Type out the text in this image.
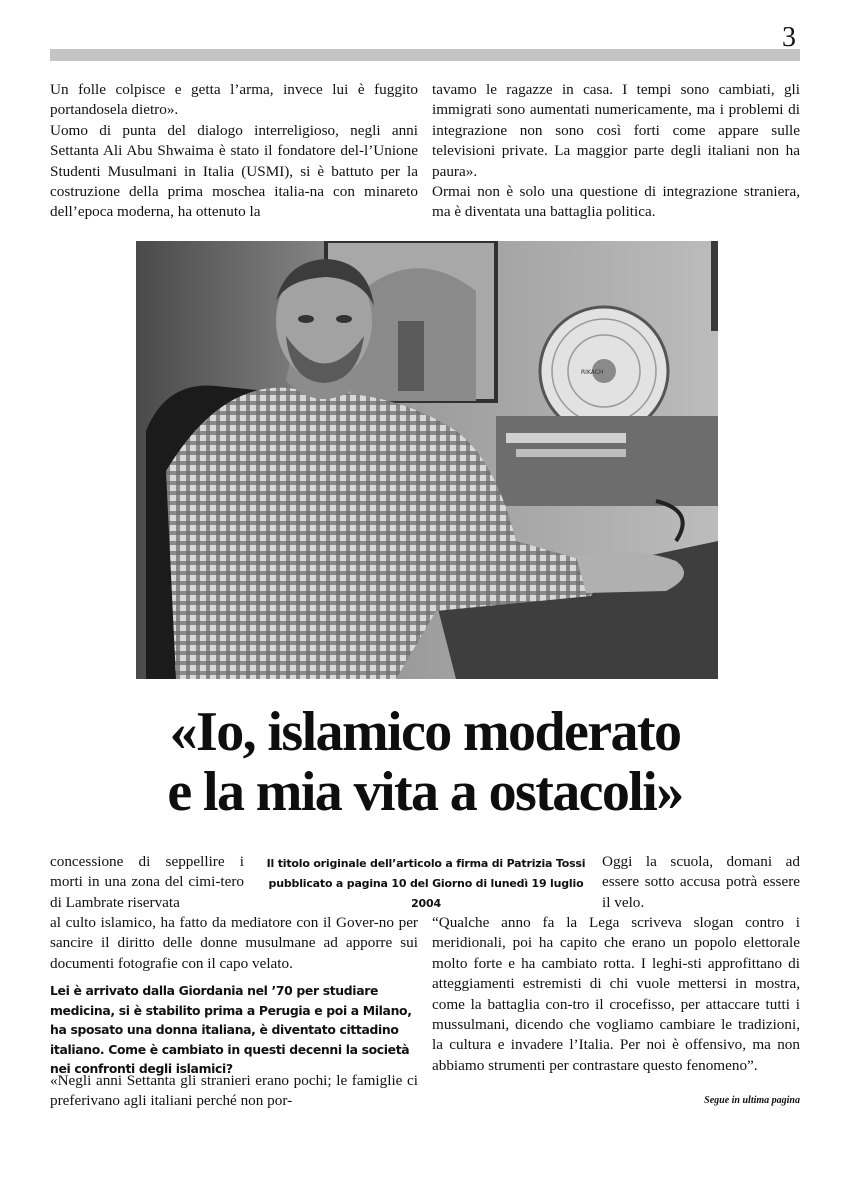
3

Un folle colpisce e getta l’arma, invece lui è fuggito portandosela dietro».

Uomo di punta del dialogo interreligioso, negli anni Settanta Ali Abu Shwaima è stato il fondatore del-l’Unione Studenti Musulmani in Italia (USMI), si è battuto per la costruzione della prima moschea italia-na con minareto dell’epoca moderna, ha ottenuto la

tavamo le ragazze in casa. I tempi sono cambiati, gli immigrati sono aumentati numericamente, ma i problemi di integrazione non sono così forti come appare sulle televisioni private. La maggior parte degli italiani non ha paura».

Ormai non è solo una questione di integrazione straniera, ma è diventata una battaglia politica.

RIKACH
«Io, islamico moderato
e la mia vita a ostacoli»

concessione di seppellire i morti in una zona del cimi-tero di Lambrate riservata

Il titolo originale dell’articolo a firma di Patrizia Tossi
pubblicato a pagina 10 del Giorno di lunedì 19 luglio 2004

Oggi la scuola, domani ad essere sotto accusa potrà essere il velo.

al culto islamico, ha fatto da mediatore con il Gover-no per sancire il diritto delle donne musulmane ad apporre sui documenti fotografie con il capo velato.

Lei è arrivato dalla Giordania nel ’70 per studiare medicina, si è stabilito prima a Perugia e poi a Milano, ha sposato una donna italiana, è diventato cittadino italiano. Come è cambiato in questi decenni la società nei confronti degli islamici?

«Negli anni Settanta gli stranieri erano pochi; le famiglie ci preferivano agli italiani perché non por-

“Qualche anno fa la Lega scriveva slogan contro i meridionali, poi ha capito che erano un popolo elettorale molto forte e ha cambiato rotta. I leghi-sti approfittano di atteggiamenti estremisti di chi vuole mettersi in mostra, come la battaglia con-tro il crocefisso, per attaccare tutti i mussulmani, dicendo che vogliamo cambiare le tradizioni, la cultura e invadere l’Italia. Per noi è offensivo, ma non abbiamo strumenti per contrastare questo fenomeno”.

Segue in ultima pagina
